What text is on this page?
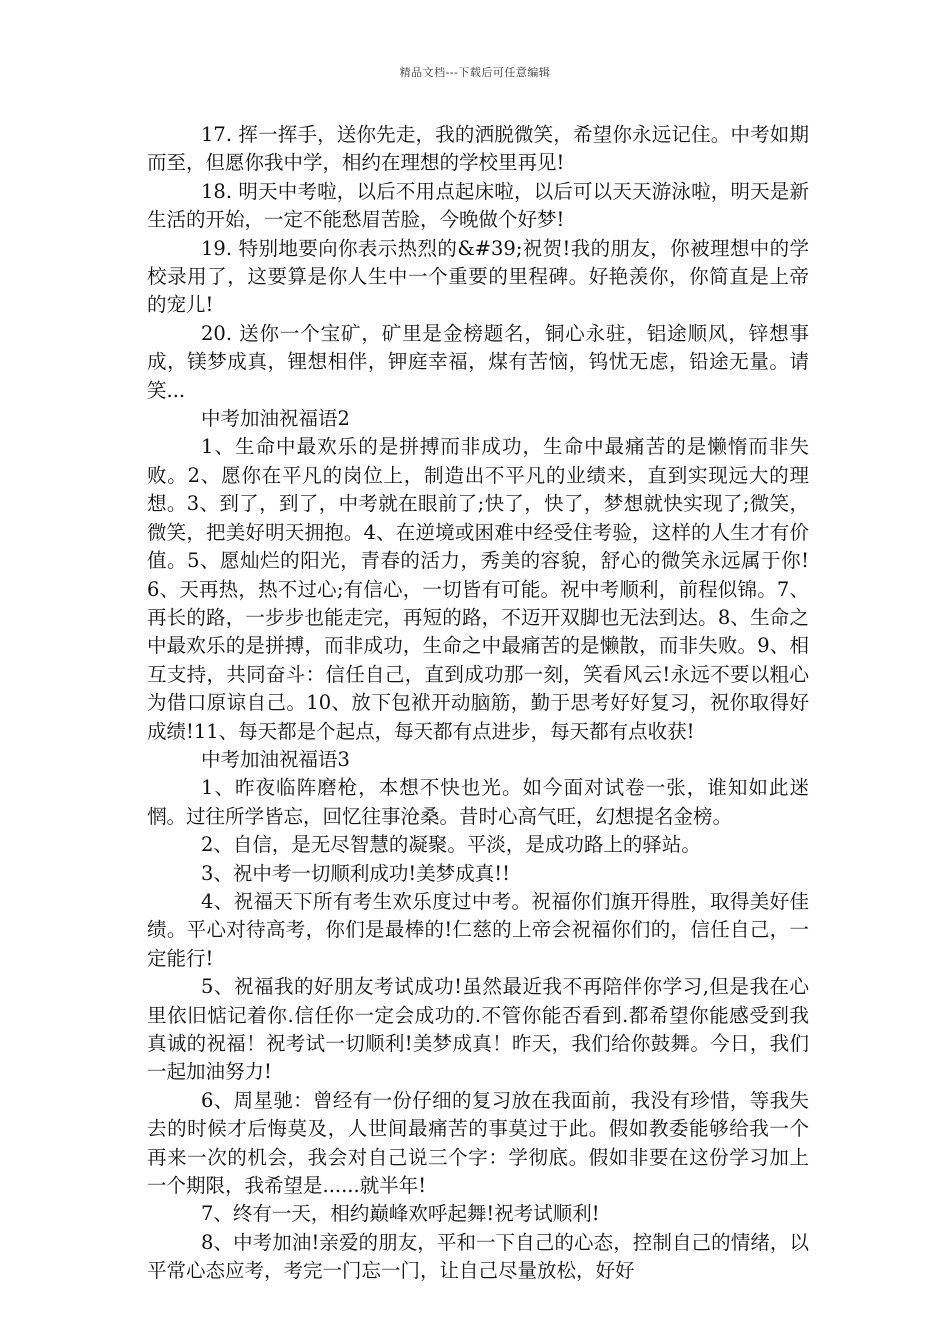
精品文档---下载后可任意编辑

17. 挥一挥手，送你先走，我的洒脱微笑，希望你永远记住。中考如期而至，但愿你我中学，相约在理想的学校里再见!

18. 明天中考啦，以后不用点起床啦，以后可以天天游泳啦，明天是新生活的开始，一定不能愁眉苦脸，今晚做个好梦!

19. 特别地要向你表示热烈的&#39;祝贺!我的朋友，你被理想中的学校录用了，这要算是你人生中一个重要的里程碑。好艳羡你，你简直是上帝的宠儿!

20. 送你一个宝矿，矿里是金榜题名，铜心永驻，铝途顺风，锌想事成，镁梦成真，锂想相伴，钾庭幸福，煤有苦恼，钨忧无虑，铅途无量。请笑...

中考加油祝福语2

1、生命中最欢乐的是拼搏而非成功，生命中最痛苦的是懒惰而非失败。2、愿你在平凡的岗位上，制造出不平凡的业绩来，直到实现远大的理想。3、到了，到了，中考就在眼前了;快了，快了，梦想就快实现了;微笑，微笑，把美好明天拥抱。4、在逆境或困难中经受住考验，这样的人生才有价值。5、愿灿烂的阳光，青春的活力，秀美的容貌，舒心的微笑永远属于你!6、天再热，热不过心;有信心，一切皆有可能。祝中考顺利，前程似锦。7、再长的路，一步步也能走完，再短的路，不迈开双脚也无法到达。8、生命之中最欢乐的是拼搏，而非成功，生命之中最痛苦的是懒散，而非失败。9、相互支持，共同奋斗：信任自己，直到成功那一刻，笑看风云!永远不要以粗心为借口原谅自己。10、放下包袱开动脑筋，勤于思考好好复习，祝你取得好成绩!11、每天都是个起点，每天都有点进步，每天都有点收获!

中考加油祝福语3

1、昨夜临阵磨枪，本想不快也光。如今面对试卷一张，谁知如此迷惘。过往所学皆忘，回忆往事沧桑。昔时心高气旺，幻想提名金榜。

2、自信，是无尽智慧的凝聚。平淡，是成功路上的驿站。

3、祝中考一切顺利成功!美梦成真!!

4、祝福天下所有考生欢乐度过中考。祝福你们旗开得胜，取得美好佳绩。平心对待高考，你们是最棒的!仁慈的上帝会祝福你们的，信任自己，一定能行!

5、祝福我的好朋友考试成功!虽然最近我不再陪伴你学习,但是我在心里依旧惦记着你.信任你一定会成功的.不管你能否看到.都希望你能感受到我真诚的祝福！祝考试一切顺利!美梦成真！昨天，我们给你鼓舞。今日，我们一起加油努力!

6、周星驰：曾经有一份仔细的复习放在我面前，我没有珍惜，等我失去的时候才后悔莫及，人世间最痛苦的事莫过于此。假如教委能够给我一个再来一次的机会，我会对自己说三个字：学彻底。假如非要在这份学习加上一个期限，我希望是......就半年!

7、终有一天，相约巅峰欢呼起舞!祝考试顺利!

8、中考加油!亲爱的朋友，平和一下自己的心态，控制自己的情绪，以平常心态应考，考完一门忘一门，让自己尽量放松，好好
